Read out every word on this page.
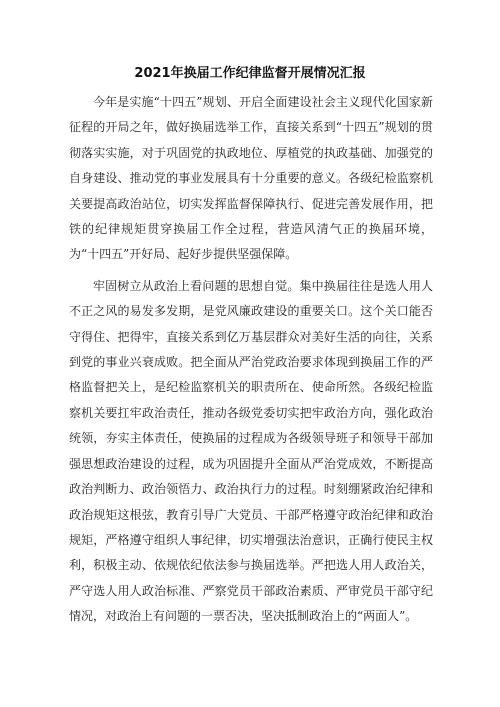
2021年换届工作纪律监督开展情况汇报

今年是实施“十四五”规划、开启全面建设社会主义现代化国家新征程的开局之年，做好换届选举工作，直接关系到“十四五”规划的贯彻落实实施，对于巩固党的执政地位、厚植党的执政基础、加强党的自身建设、推动党的事业发展具有十分重要的意义。各级纪检监察机关要提高政治站位，切实发挥监督保障执行、促进完善发展作用，把铁的纪律规矩贯穿换届工作全过程，营造风清气正的换届环境，为“十四五”开好局、起好步提供坚强保障。

牢固树立从政治上看问题的思想自觉。集中换届往往是选人用人不正之风的易发多发期，是党风廉政建设的重要关口。这个关口能否守得住、把得牢，直接关系到亿万基层群众对美好生活的向往，关系到党的事业兴衰成败。把全面从严治党政治要求体现到换届工作的严格监督把关上，是纪检监察机关的职责所在、使命所然。各级纪检监察机关要扛牢政治责任，推动各级党委切实把牢政治方向，强化政治统领，夯实主体责任，使换届的过程成为各级领导班子和领导干部加强思想政治建设的过程，成为巩固提升全面从严治党成效，不断提高政治判断力、政治领悟力、政治执行力的过程。时刻绷紧政治纪律和政治规矩这根弦，教育引导广大党员、干部严格遵守政治纪律和政治规矩，严格遵守组织人事纪律，切实增强法治意识，正确行使民主权利，积极主动、依规依纪依法参与换届选举。严把选人用人政治关，严守选人用人政治标准、严察党员干部政治素质、严审党员干部守纪情况，对政治上有问题的一票否决，坚决抵制政治上的“两面人”。
